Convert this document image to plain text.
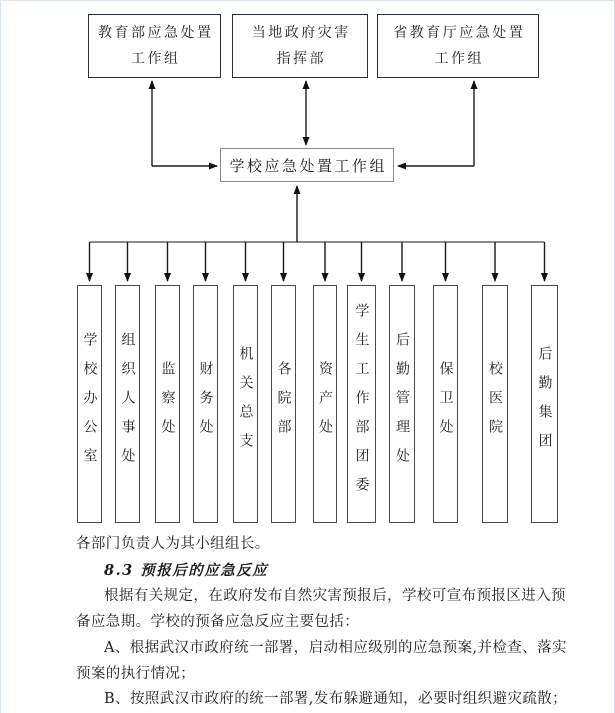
教育部应急处置
工作组
当地政府灾害
指挥部
省教育厅应急处置
工作组
学校应急处置工作组
学校办公室 组织人事处 监察处 财务处 机关总支 各院部 资产处 学生工作部团委 后勤管理处 保卫处 校医院 后勤集团
各部门负责人为其小组组长。
8.3 预报后的应急反应
根据有关规定，在政府发布自然灾害预报后，学校可宣布预报区进入预
备应急期。学校的预备应急反应主要包括：
A、根据武汉市政府统一部署，启动相应级别的应急预案,并检查、落实
预案的执行情况；
B、按照武汉市政府的统一部署,发布躲避通知，必要时组织避灾疏散；
